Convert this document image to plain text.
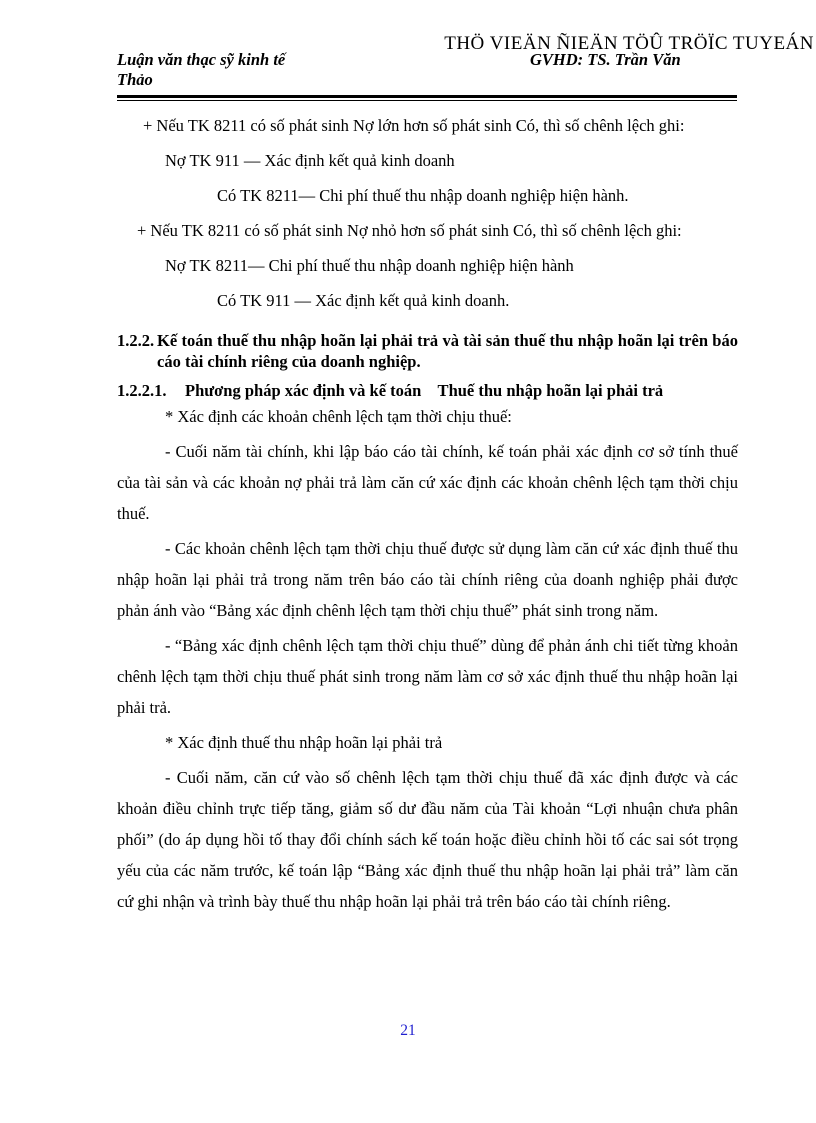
THÖ VIEÄN ÑIEÄN TÖÛ TRÖÏC TUYEÁN
Luận văn thạc sỹ kinh tế
Thảo
GVHD: TS. Trần Văn
+ Nếu TK 8211 có số phát sinh Nợ lớn hơn số phát sinh Có, thì số chênh lệch ghi:
Nợ TK 911 — Xác định kết quả kinh doanh
Có TK 8211— Chi phí thuế thu nhập doanh nghiệp hiện hành.
+ Nếu TK 8211 có số phát sinh Nợ nhỏ hơn số phát sinh Có, thì số chênh lệch ghi:
Nợ TK 8211— Chi phí thuế thu nhập doanh nghiệp hiện hành
Có TK 911 — Xác định kết quả kinh doanh.
1.2.2. Kế toán thuế thu nhập hoãn lại phải trả và tài sản thuế thu nhập hoãn lại trên báo cáo tài chính riêng của doanh nghiệp.
1.2.2.1.	Phương pháp xác định và kế toán    Thuế thu nhập hoãn lại phải trả
* Xác định các khoản chênh lệch tạm thời chịu thuế:

- Cuối năm tài chính, khi lập báo cáo tài chính, kế toán phải xác định cơ sở tính thuế của tài sản và các khoản nợ phải trả làm căn cứ xác định các khoản chênh lệch tạm thời chịu thuế.

- Các khoản chênh lệch tạm thời chịu thuế được sử dụng làm căn cứ xác định thuế thu nhập hoãn lại phải trả trong năm trên báo cáo tài chính riêng của doanh nghiệp phải được phản ánh vào “Bảng xác định chênh lệch tạm thời chịu thuế” phát sinh trong năm.

- “Bảng xác định chênh lệch tạm thời chịu thuế” dùng để phản ánh chi tiết từng khoản chênh lệch tạm thời chịu thuế phát sinh trong năm làm cơ sở xác định thuế thu nhập hoãn lại phải trả.

* Xác định thuế thu nhập hoãn lại phải trả

- Cuối năm, căn cứ vào số chênh lệch tạm thời chịu thuế đã xác định được và các khoản điều chỉnh trực tiếp tăng, giảm số dư đầu năm của Tài khoản “Lợi nhuận chưa phân phối” (do áp dụng hồi tố thay đổi chính sách kế toán hoặc điều chỉnh hồi tố các sai sót trọng yếu của các năm trước, kế toán lập “Bảng xác định thuế thu nhập hoãn lại phải trả” làm căn cứ ghi nhận và trình bày thuế thu nhập hoãn lại phải trả trên báo cáo tài chính riêng.

21
